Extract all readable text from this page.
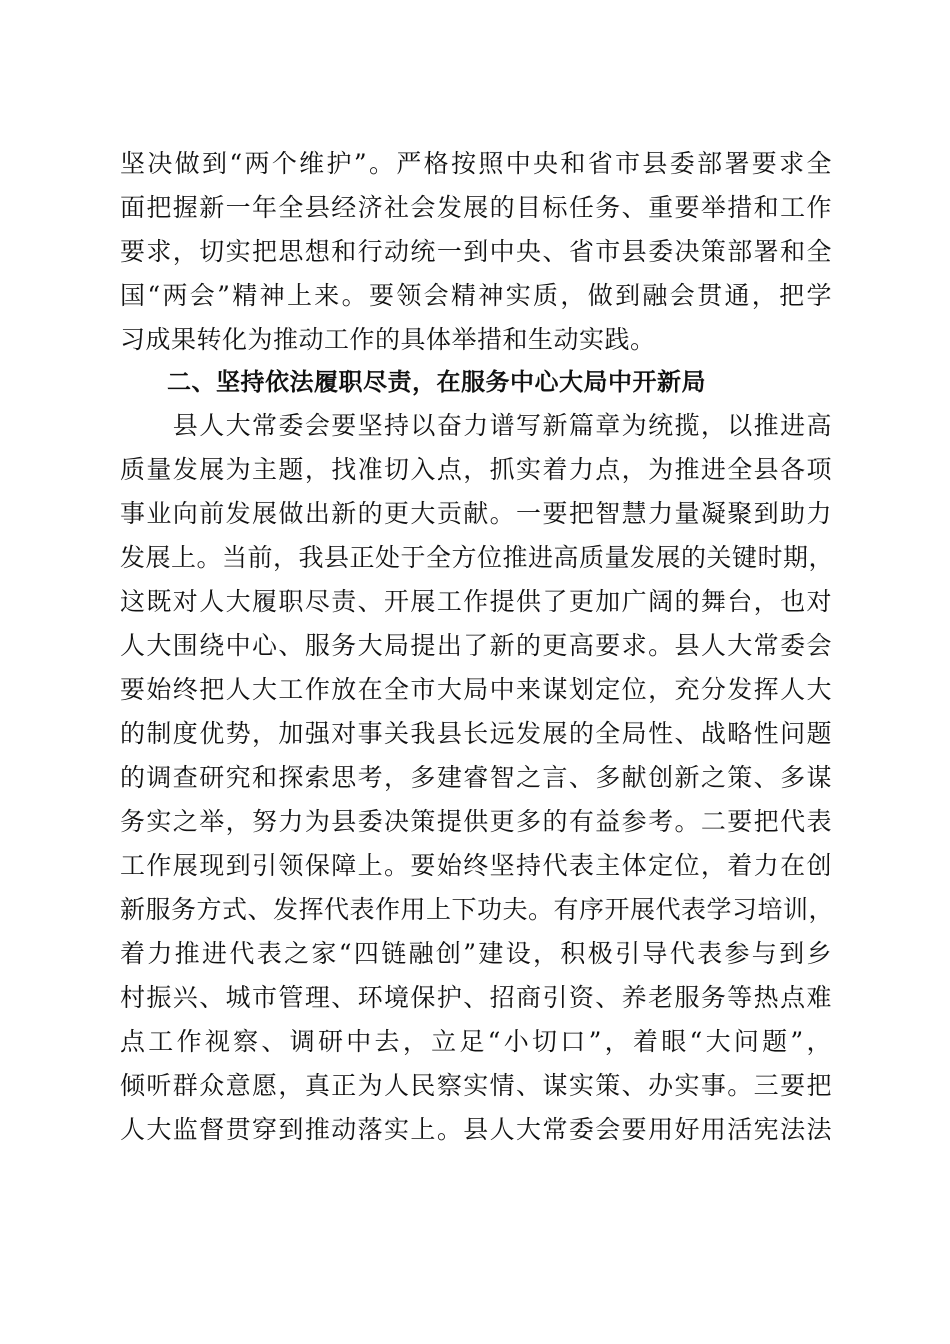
坚决做到“两个维护”。严格按照中央和省市县委部署要求全
面把握新一年全县经济社会发展的目标任务、重要举措和工作
要求，切实把思想和行动统一到中央、省市县委决策部署和全
国“两会”精神上来。要领会精神实质，做到融会贯通，把学
习成果转化为推动工作的具体举措和生动实践。
二、坚持依法履职尽责，在服务中心大局中开新局
　　县人大常委会要坚持以奋力谱写新篇章为统揽，以推进高
质量发展为主题，找准切入点，抓实着力点，为推进全县各项
事业向前发展做出新的更大贡献。一要把智慧力量凝聚到助力
发展上。当前，我县正处于全方位推进高质量发展的关键时期，
这既对人大履职尽责、开展工作提供了更加广阔的舞台，也对
人大围绕中心、服务大局提出了新的更高要求。县人大常委会
要始终把人大工作放在全市大局中来谋划定位，充分发挥人大
的制度优势，加强对事关我县长远发展的全局性、战略性问题
的调查研究和探索思考，多建睿智之言、多献创新之策、多谋
务实之举，努力为县委决策提供更多的有益参考。二要把代表
工作展现到引领保障上。要始终坚持代表主体定位，着力在创
新服务方式、发挥代表作用上下功夫。有序开展代表学习培训，
着力推进代表之家“四链融创”建设，积极引导代表参与到乡
村振兴、城市管理、环境保护、招商引资、养老服务等热点难
点工作视察、调研中去，立足“小切口”，着眼“大问题”，
倾听群众意愿，真正为人民察实情、谋实策、办实事。三要把
人大监督贯穿到推动落实上。县人大常委会要用好用活宪法法
